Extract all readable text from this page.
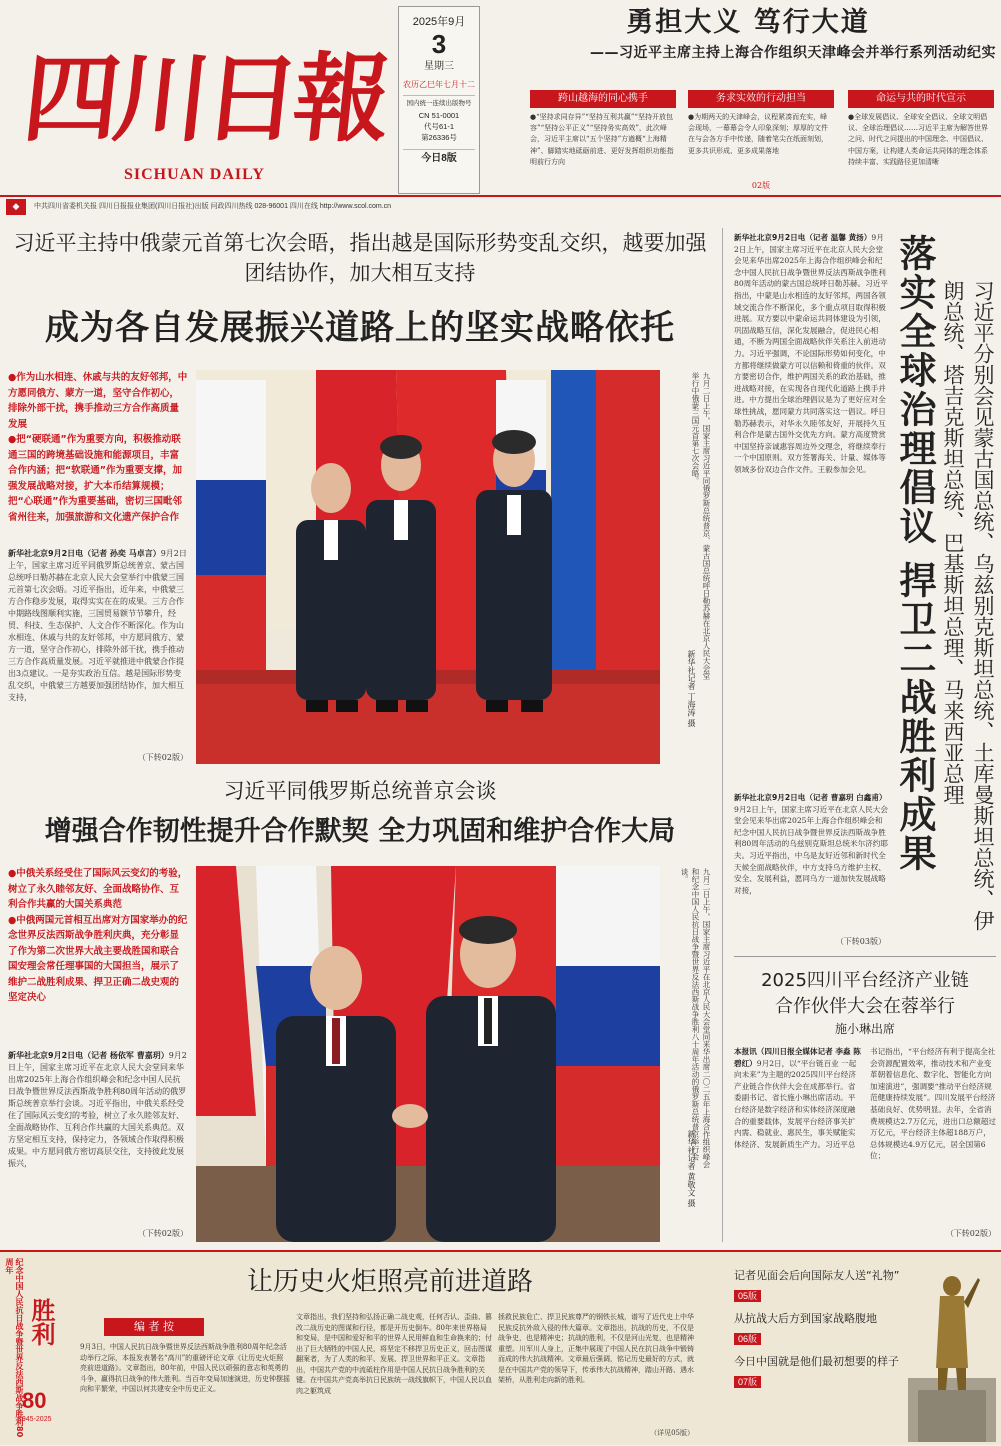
四川日報
SICHUAN DAILY
2025年9月
3
星期三
农历乙巳年七月十二
国内统一连续出版物号
CN 51-0001
代号61-1
第26336号
今日8版
勇担大义 笃行大道
——习近平主席主持上海合作组织天津峰会并举行系列活动纪实
跨山越海的同心携手	务求实效的行动担当	命运与共的时代宣示
●“坚持求同存异”“坚持互利共赢”“坚持开放包容”“坚持公平正义”“坚持务实高效”，此次峰会，习近平主席以“五个坚持”方遒概“上海精神”、脚踏实地砥砺前进、更好发挥组织功能指明前行方向
●为期两天的天津峰会，议程紧凑而充实，峰会现场，一幕幕会令人印象深刻；厚厚的文件在与会各方手中传递，随着笔尖在纸面刻划，更多共识形成、更多成果落地
02版
●全球发展倡议、全球安全倡议、全球文明倡议、全球治理倡议……习近平主席为解答世界之问、时代之问提出的中国理念、中国倡议、中国方案，让构建人类命运共同体的理念体系持续丰富、实践路径更加清晰
◆	中共四川省委机关报 四川日报报业集团(四川日报社)出版 问政四川热线 028-96001 四川在线 http://www.scol.com.cn
习近平主持中俄蒙元首第七次会晤，指出越是国际形势变乱交织，越要加强团结协作，加大相互支持
成为各自发展振兴道路上的坚实战略依托
●作为山水相连、休戚与共的友好邻邦，中方愿同俄方、蒙方一道，坚守合作初心，排除外部干扰，携手推动三方合作高质量发展
●把“硬联通”作为重要方向，积极推动联通三国的跨境基础设施和能源项目，丰富合作内涵；把“软联通”作为重要支撑，加强发展战略对接，扩大本币结算规模；把“心联通”作为重要基础，密切三国毗邻省州往来，加强旅游和文化遗产保护合作
新华社北京9月2日电（记者 孙奕 马卓言）9月2日上午，国家主席习近平同俄罗斯总统普京、蒙古国总统呼日勒苏赫在北京人民大会堂举行中俄蒙三国元首第七次会晤。习近平指出，近年来，中俄蒙三方合作稳步发展，取得实实在在的成果。三方合作中期路线图顺利实施，三国贸易额节节攀升，经贸、科技、生态保护、人文合作不断深化。作为山水相连、休戚与共的友好邻邦，中方愿同俄方、蒙方一道，坚守合作初心，排除外部干扰，携手推动三方合作高质量发展。习近平就推进中俄蒙合作提出3点建议。一是夯实政治互信。越是国际形势变乱交织，中俄蒙三方越要加强团结协作，加大相互支持，
（下转02版）
九月二日上午，国家主席习近平同俄罗斯总统普京、蒙古国总统呼日勒苏赫在北京人民大会堂举行中俄蒙三国元首第七次会晤。
新华社记者 丁海涛 摄
习近平同俄罗斯总统普京会谈
增强合作韧性提升合作默契 全力巩固和维护合作大局
●中俄关系经受住了国际风云变幻的考验，树立了永久睦邻友好、全面战略协作、互利合作共赢的大国关系典范
●中俄两国元首相互出席对方国家举办的纪念世界反法西斯战争胜利庆典，充分彰显了作为第二次世界大战主要战胜国和联合国安理会常任理事国的大国担当，展示了维护二战胜利成果、捍卫正确二战史观的坚定决心
新华社北京9月2日电（记者 杨依军 曹嘉玥）9月2日上午，国家主席习近平在北京人民大会堂同来华出席2025年上海合作组织峰会和纪念中国人民抗日战争暨世界反法西斯战争胜利80周年活动的俄罗斯总统普京举行会谈。习近平指出，中俄关系经受住了国际风云变幻的考验，树立了永久睦邻友好、全面战略协作、互利合作共赢的大国关系典范。双方坚定相互支持，保持定力，各领域合作取得积极成果。中方愿同俄方密切高层交往，支持彼此发展振兴，
（下转02版）
九月二日上午，国家主席习近平在北京人民大会堂同来华出席二〇二五年上海合作组织峰会和纪念中国人民抗日战争暨世界反法西斯战争胜利八十周年活动的俄罗斯总统普京举行会谈。
新华社记者 黄敬文 摄
新华社北京9月2日电（记者 温馨 黄扬）9月2日上午，国家主席习近平在北京人民大会堂会见来华出席2025年上海合作组织峰会和纪念中国人民抗日战争暨世界反法西斯战争胜利80周年活动的蒙古国总统呼日勒苏赫。习近平指出，中蒙是山水相连的友好邻邦，两国各领域交流合作不断深化，多个重点项目取得积极进展。双方要以中蒙命运共同体建设为引领，巩固战略互信，深化发展融合，促进民心相通，不断为两国全面战略伙伴关系注入前进动力。习近平强调，不论国际形势如何变化，中方都将继续做蒙方可以信赖和倚重的伙伴。双方要密切合作，维护两国关系的政治基础，推进战略对接，在实现各自现代化道路上携手并进。中方提出全球治理倡议是为了更好应对全球性挑战，愿同蒙方共同落实这一倡议。呼日勒苏赫表示，对华永久睦邻友好，开展持久互利合作是蒙古国外交优先方向。蒙方高度赞赏中国坚持亲诚惠容周边外交理念，将继续奉行一个中国原则。双方签署海关、计量、媒体等领域多份双边合作文件。王毅参加会见。
新华社北京9月2日电（记者 曹嘉玥 白鑫甫）9月2日上午，国家主席习近平在北京人民大会堂会见来华出席2025年上海合作组织峰会和纪念中国人民抗日战争暨世界反法西斯战争胜利80周年活动的乌兹别克斯坦总统米尔济约耶夫。习近平指出，中乌是友好近邻和新时代全天候全面战略伙伴，中方支持乌方维护主权、安全、发展利益，愿同乌方一道加快发展战略对接，
（下转03版）
落实全球治理倡议 捍卫二战胜利成果	习近平分别会见蒙古国总统、乌兹别克斯坦总统、土库曼斯坦总统、伊朗总统、塔吉克斯坦总统、巴基斯坦总理、马来西亚总理
2025四川平台经济产业链
合作伙伴大会在蓉举行
施小琳出席
本报讯（四川日报全媒体记者 李淼 陈碧红）9月2日，以“平台链百业 一起向未来”为主题的2025四川平台经济产业链合作伙伴大会在成都举行。省委副书记、省长施小琳出席活动。平台经济是数字经济和实体经济深度融合的重要载体，发展平台经济事关扩内需、稳就业、惠民生，事关赋能实体经济、发展新质生产力。习近平总
书记指出，“平台经济有利于提高全社会资源配置效率，推动技术和产业变革朝着信息化、数字化、智能化方向加速演进”，强调要“推动平台经济规范健康持续发展”。四川发展平台经济基础良好、优势明显。去年，全省消费规模达2.7万亿元，进出口总额超过万亿元，平台经济主体超188万户，总体规模达4.9万亿元，居全国第6位；
（下转02版）
纪念中国人民抗日战争暨世界反法西斯战争胜利80周年
胜利
80
1945-2025
让历史火炬照亮前进道路
编 者 按
9月3日，中国人民抗日战争暨世界反法西斯战争胜利80周年纪念活动举行之际，本报发表署名“高川”的重磅评论文章《让历史火炬照亮前进道路》。文章指出，80年前，中国人民以顽强的意志和英勇的斗争，赢得抗日战争的伟大胜利。当百年变局加速演进，历史钟摆摇向和平繁荣，中国以何共建安全中历史正义。
文章指出，我们坚持和弘扬正确二战史观，任何否认、歪曲、篡改二战历史的图谋和行径，都是开历史倒车。80年来世界格局和变局，是中国和爱好和平的世界人民用鲜血和生命换来的；付出了巨大牺牲的中国人民，将坚定不移捍卫历史正义，回击图谋翻案者，为了人类的和平、发展、捍卫世界和平正义。文章指出，中国共产党的中流砥柱作用是中国人民抗日战争胜利的关键。在中国共产党高举抗日民族统一战线旗帜下，中国人民以血肉之躯筑成
拯救民族危亡、捍卫民族尊严的钢铁长城，谱写了近代史上中华民族反抗外敌入侵的伟大篇章。文章指出，抗战的历史，不仅是战争史，也是精神史；抗战的胜利，不仅是河山光复，也是精神重塑。川军川人身上，正集中展现了中国人民在抗日战争中锻铸而成的伟大抗战精神。文章最后强调，铭记历史最好的方式，就是在中国共产党的领导下，传承伟大抗战精神，踏山开路、遇水架桥，从胜利走向新的胜利。
（详见05版）
记者见面会后向国际友人送“礼物”
05版
从抗战大后方到国家战略腹地
06版
今日中国就是他们最初想要的样子
07版
